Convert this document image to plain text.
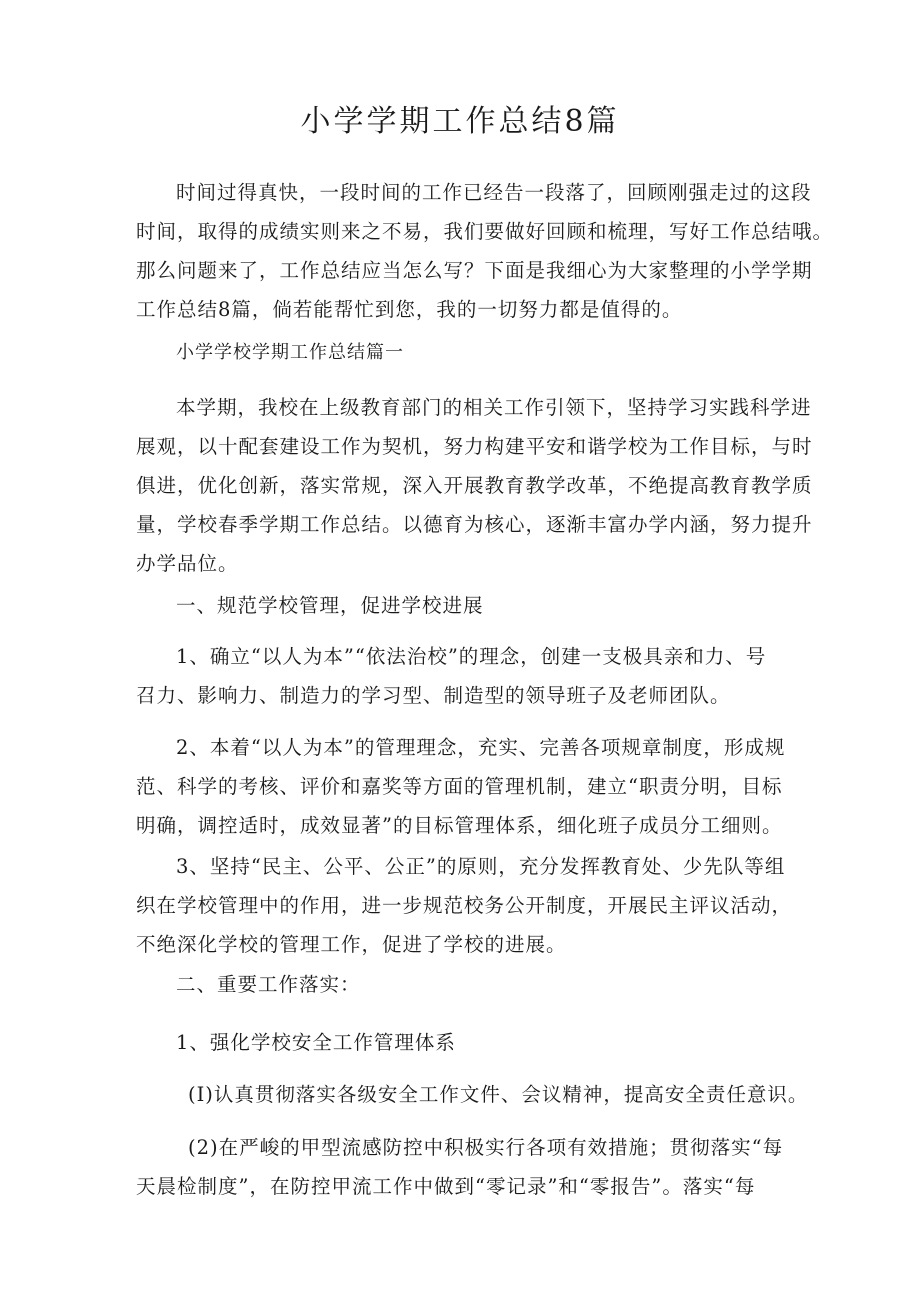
小学学期工作总结8篇

时间过得真快，一段时间的工作已经告一段落了，回顾刚强走过的这段
时间，取得的成绩实则来之不易，我们要做好回顾和梳理，写好工作总结哦。
那么问题来了，工作总结应当怎么写？下面是我细心为大家整理的小学学期
工作总结8篇，倘若能帮忙到您，我的一切努力都是值得的。

小学学校学期工作总结篇一

本学期，我校在上级教育部门的相关工作引领下，坚持学习实践科学进
展观，以十配套建设工作为契机，努力构建平安和谐学校为工作目标，与时
俱进，优化创新，落实常规，深入开展教育教学改革，不绝提高教育教学质
量，学校春季学期工作总结。以德育为核心，逐渐丰富办学内涵，努力提升
办学品位。

一、规范学校管理，促进学校进展

1、确立“以人为本”“依法治校”的理念，创建一支极具亲和力、号
召力、影响力、制造力的学习型、制造型的领导班子及老师团队。

2、本着“以人为本”的管理理念，充实、完善各项规章制度，形成规
范、科学的考核、评价和嘉奖等方面的管理机制，建立“职责分明，目标
明确，调控适时，成效显著”的目标管理体系，细化班子成员分工细则。

3、坚持“民主、公平、公正”的原则，充分发挥教育处、少先队等组
织在学校管理中的作用，进一步规范校务公开制度，开展民主评议活动，
不绝深化学校的管理工作，促进了学校的进展。

二、重要工作落实：

1、强化学校安全工作管理体系

(I)认真贯彻落实各级安全工作文件、会议精神，提高安全责任意识。

(2)在严峻的甲型流感防控中积极实行各项有效措施；贯彻落实“每
天晨检制度”，在防控甲流工作中做到“零记录”和“零报告”。落实“每
